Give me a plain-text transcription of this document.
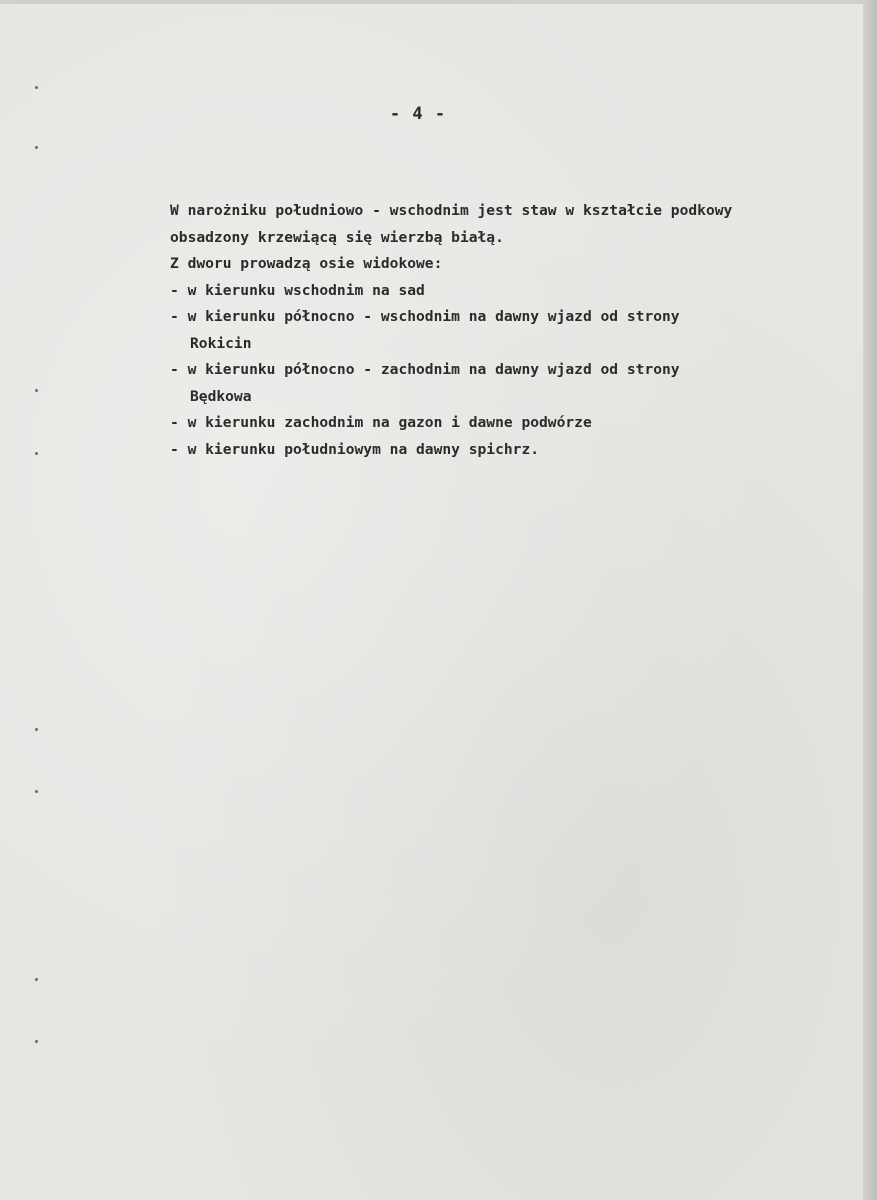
- 4 -
W narożniku południowo - wschodnim jest staw w kształcie podkowy
obsadzony krzewiącą się wierzbą białą.
Z dworu prowadzą osie widokowe:
- w kierunku wschodnim na sad
- w kierunku północno - wschodnim na dawny wjazd od strony
Rokicin
- w kierunku północno - zachodnim na dawny wjazd od strony
Będkowa
- w kierunku zachodnim na gazon i dawne podwórze
- w kierunku południowym na dawny spichrz.
